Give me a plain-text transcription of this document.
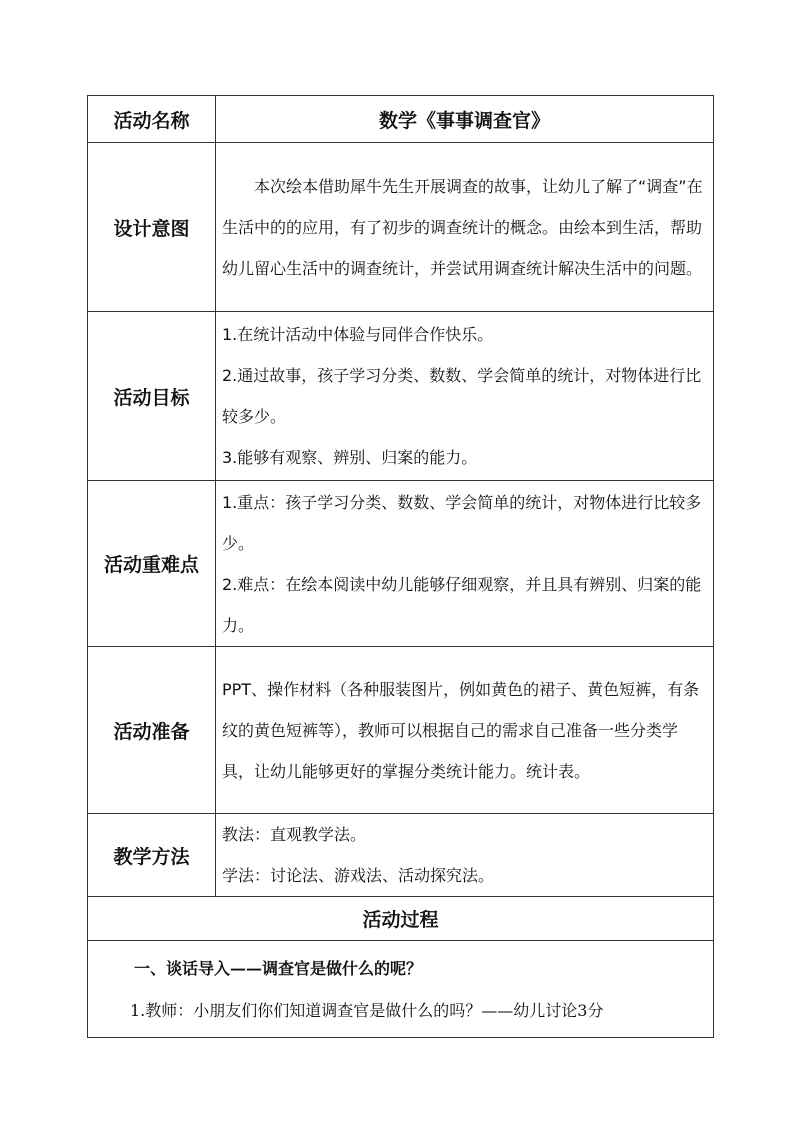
活动名称	数学《事事调查官》
设计意图	本次绘本借助犀牛先生开展调查的故事，让幼儿了解了“调查”在生活中的的应用，有了初步的调查统计的概念。由绘本到生活，帮助幼儿留心生活中的调查统计，并尝试用调查统计解决生活中的问题。

活动目标	1.在统计活动中体验与同伴合作快乐。

2.通过故事，孩子学习分类、数数、学会简单的统计，对物体进行比较多少。

3.能够有观察、辨别、归案的能力。

活动重难点	1.重点：孩子学习分类、数数、学会简单的统计，对物体进行比较多少。

2.难点：在绘本阅读中幼儿能够仔细观察，并且具有辨别、归案的能力。

活动准备	PPT、操作材料（各种服装图片，例如黄色的裙子、黄色短裤，有条纹的黄色短裤等），教师可以根据自己的需求自己准备一些分类学具，让幼儿能够更好的掌握分类统计能力。统计表。

教学方法	教法：直观教学法。

学法：讨论法、游戏法、活动探究法。

活动过程	

一、谈话导入——调查官是做什么的呢？

1.教师：小朋友们你们知道调查官是做什么的吗？——幼儿讨论3分	
